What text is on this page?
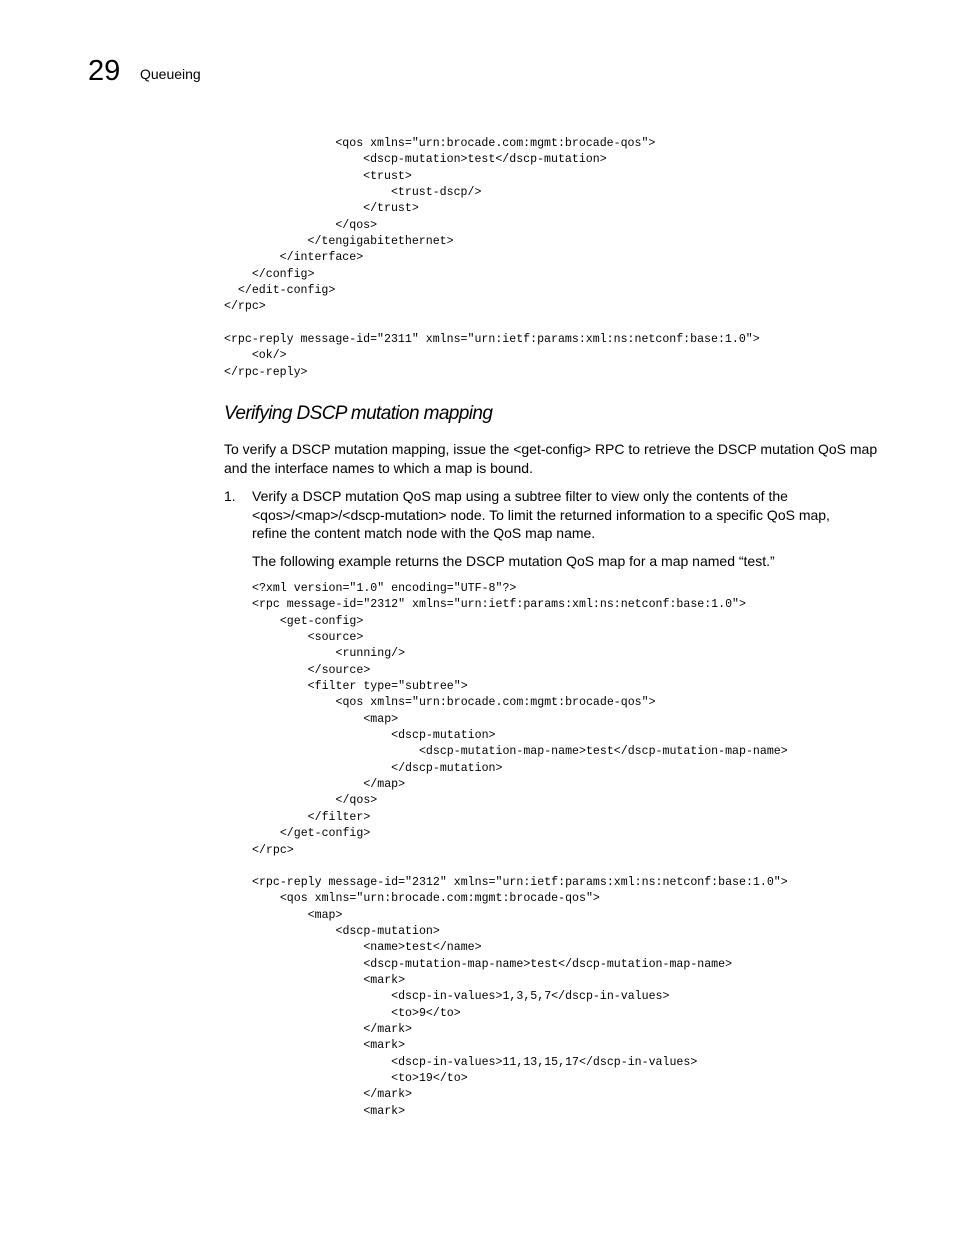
29 Queueing
<qos xmlns="urn:brocade.com:mgmt:brocade-qos">
<dscp-mutation>test</dscp-mutation>
<trust>
<trust-dscp/>
</trust>
</qos>
</tengigabitethernet>
</interface>
</config>
</edit-config>
</rpc>
<rpc-reply message-id="2311" xmlns="urn:ietf:params:xml:ns:netconf:base:1.0">
<ok/>
</rpc-reply>
Verifying DSCP mutation mapping

To verify a DSCP mutation mapping, issue the <get-config> RPC to retrieve the DSCP mutation QoS map and the interface names to which a map is bound.

1. Verify a DSCP mutation QoS map using a subtree filter to view only the contents of the <qos>/<map>/<dscp-mutation> node. To limit the returned information to a specific QoS map, refine the content match node with the QoS map name.

The following example returns the DSCP mutation QoS map for a map named “test.”

<?xml version="1.0" encoding="UTF-8"?>
<rpc message-id="2312" xmlns="urn:ietf:params:xml:ns:netconf:base:1.0">
<get-config>
<source>
<running/>
</source>
<filter type="subtree">
<qos xmlns="urn:brocade.com:mgmt:brocade-qos">
<map>
<dscp-mutation>
<dscp-mutation-map-name>test</dscp-mutation-map-name>
</dscp-mutation>
</map>
</qos>
</filter>
</get-config>
</rpc>
<rpc-reply message-id="2312" xmlns="urn:ietf:params:xml:ns:netconf:base:1.0">
<qos xmlns="urn:brocade.com:mgmt:brocade-qos">
<map>
<dscp-mutation>
<name>test</name>
<dscp-mutation-map-name>test</dscp-mutation-map-name>
<mark>
<dscp-in-values>1,3,5,7</dscp-in-values>
<to>9</to>
</mark>
<mark>
<dscp-in-values>11,13,15,17</dscp-in-values>
<to>19</to>
</mark>
<mark>
